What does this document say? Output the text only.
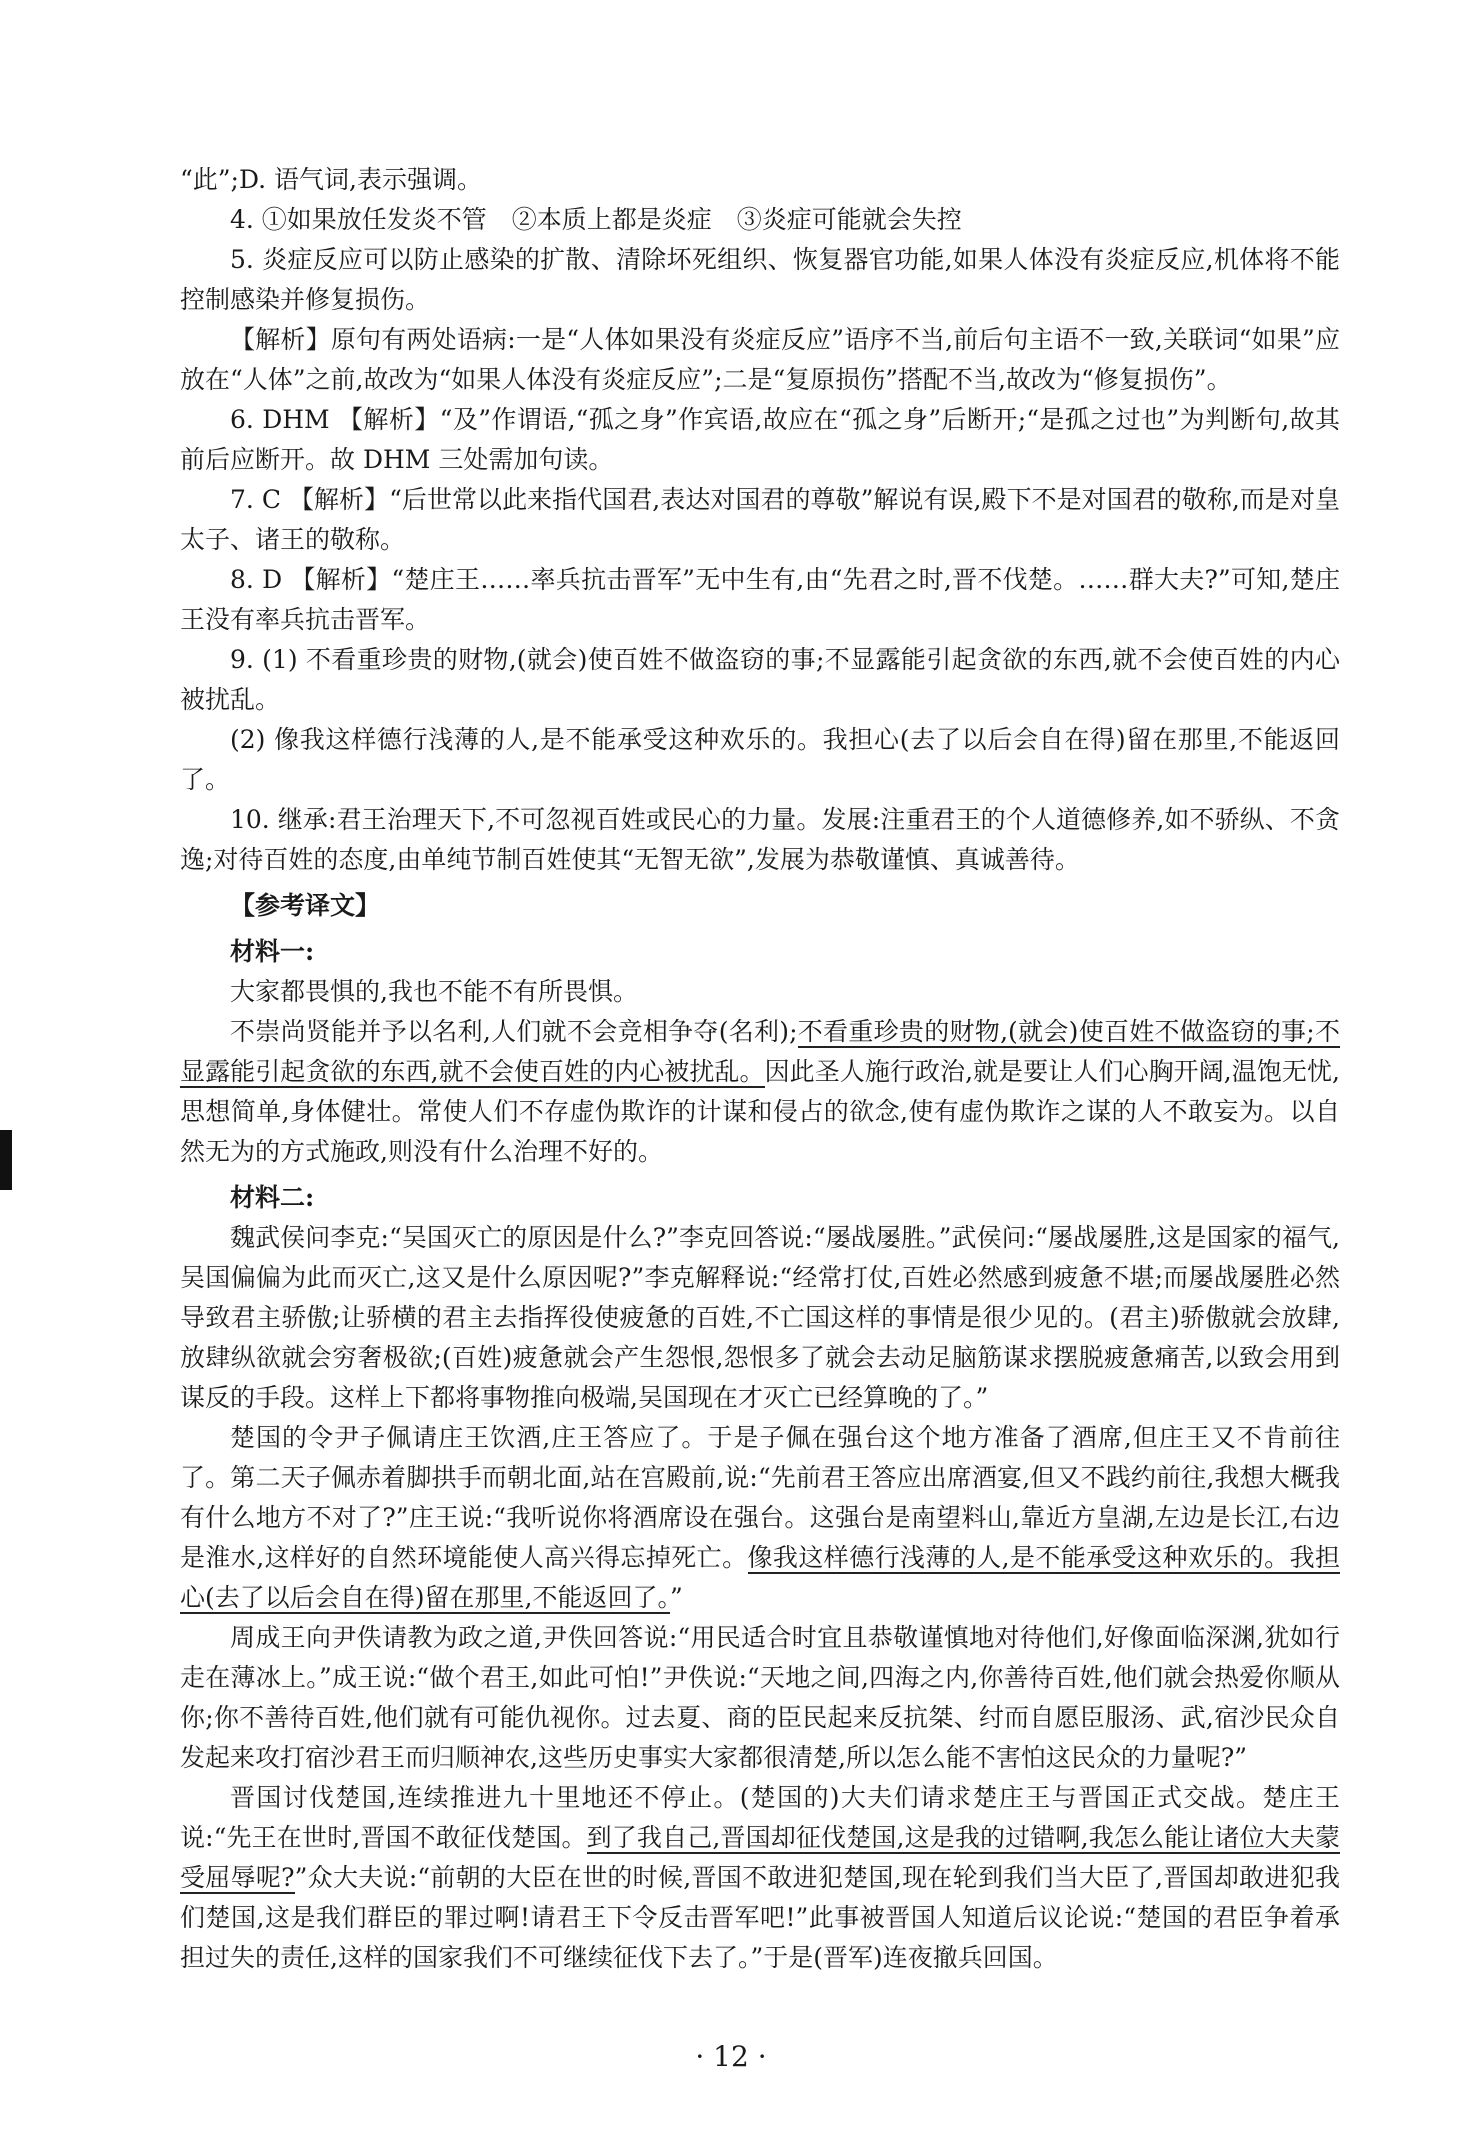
“此”;D. 语气词,表示强调。

4. ①如果放任发炎不管　②本质上都是炎症　③炎症可能就会失控

5. 炎症反应可以防止感染的扩散、清除坏死组织、恢复器官功能,如果人体没有炎症反应,机体将不能控制感染并修复损伤。

【解析】原句有两处语病:一是“人体如果没有炎症反应”语序不当,前后句主语不一致,关联词“如果”应放在“人体”之前,故改为“如果人体没有炎症反应”;二是“复原损伤”搭配不当,故改为“修复损伤”。

6. DHM 【解析】“及”作谓语,“孤之身”作宾语,故应在“孤之身”后断开;“是孤之过也”为判断句,故其前后应断开。故 DHM 三处需加句读。

7. C 【解析】“后世常以此来指代国君,表达对国君的尊敬”解说有误,殿下不是对国君的敬称,而是对皇太子、诸王的敬称。

8. D 【解析】“楚庄王……率兵抗击晋军”无中生有,由“先君之时,晋不伐楚。……群大夫?”可知,楚庄王没有率兵抗击晋军。

9. (1) 不看重珍贵的财物,(就会)使百姓不做盗窃的事;不显露能引起贪欲的东西,就不会使百姓的内心被扰乱。

(2) 像我这样德行浅薄的人,是不能承受这种欢乐的。我担心(去了以后会自在得)留在那里,不能返回了。

10. 继承:君王治理天下,不可忽视百姓或民心的力量。发展:注重君王的个人道德修养,如不骄纵、不贪逸;对待百姓的态度,由单纯节制百姓使其“无智无欲”,发展为恭敬谨慎、真诚善待。

【参考译文】

材料一:

大家都畏惧的,我也不能不有所畏惧。

不崇尚贤能并予以名利,人们就不会竞相争夺(名利);不看重珍贵的财物,(就会)使百姓不做盗窃的事;不显露能引起贪欲的东西,就不会使百姓的内心被扰乱。因此圣人施行政治,就是要让人们心胸开阔,温饱无忧,思想简单,身体健壮。常使人们不存虚伪欺诈的计谋和侵占的欲念,使有虚伪欺诈之谋的人不敢妄为。以自然无为的方式施政,则没有什么治理不好的。

材料二:

魏武侯问李克:“吴国灭亡的原因是什么?”李克回答说:“屡战屡胜。”武侯问:“屡战屡胜,这是国家的福气,吴国偏偏为此而灭亡,这又是什么原因呢?”李克解释说:“经常打仗,百姓必然感到疲惫不堪;而屡战屡胜必然导致君主骄傲;让骄横的君主去指挥役使疲惫的百姓,不亡国这样的事情是很少见的。(君主)骄傲就会放肆,放肆纵欲就会穷奢极欲;(百姓)疲惫就会产生怨恨,怨恨多了就会去动足脑筋谋求摆脱疲惫痛苦,以致会用到谋反的手段。这样上下都将事物推向极端,吴国现在才灭亡已经算晚的了。”

楚国的令尹子佩请庄王饮酒,庄王答应了。于是子佩在强台这个地方准备了酒席,但庄王又不肯前往了。第二天子佩赤着脚拱手而朝北面,站在宫殿前,说:“先前君王答应出席酒宴,但又不践约前往,我想大概我有什么地方不对了?”庄王说:“我听说你将酒席设在强台。这强台是南望料山,靠近方皇湖,左边是长江,右边是淮水,这样好的自然环境能使人高兴得忘掉死亡。像我这样德行浅薄的人,是不能承受这种欢乐的。我担心(去了以后会自在得)留在那里,不能返回了。”

周成王向尹佚请教为政之道,尹佚回答说:“用民适合时宜且恭敬谨慎地对待他们,好像面临深渊,犹如行走在薄冰上。”成王说:“做个君王,如此可怕!”尹佚说:“天地之间,四海之内,你善待百姓,他们就会热爱你顺从你;你不善待百姓,他们就有可能仇视你。过去夏、商的臣民起来反抗桀、纣而自愿臣服汤、武,宿沙民众自发起来攻打宿沙君王而归顺神农,这些历史事实大家都很清楚,所以怎么能不害怕这民众的力量呢?”

晋国讨伐楚国,连续推进九十里地还不停止。(楚国的)大夫们请求楚庄王与晋国正式交战。楚庄王说:“先王在世时,晋国不敢征伐楚国。到了我自己,晋国却征伐楚国,这是我的过错啊,我怎么能让诸位大夫蒙受屈辱呢?”众大夫说:“前朝的大臣在世的时候,晋国不敢进犯楚国,现在轮到我们当大臣了,晋国却敢进犯我们楚国,这是我们群臣的罪过啊!请君王下令反击晋军吧!”此事被晋国人知道后议论说:“楚国的君臣争着承担过失的责任,这样的国家我们不可继续征伐下去了。”于是(晋军)连夜撤兵回国。

· 12 ·
